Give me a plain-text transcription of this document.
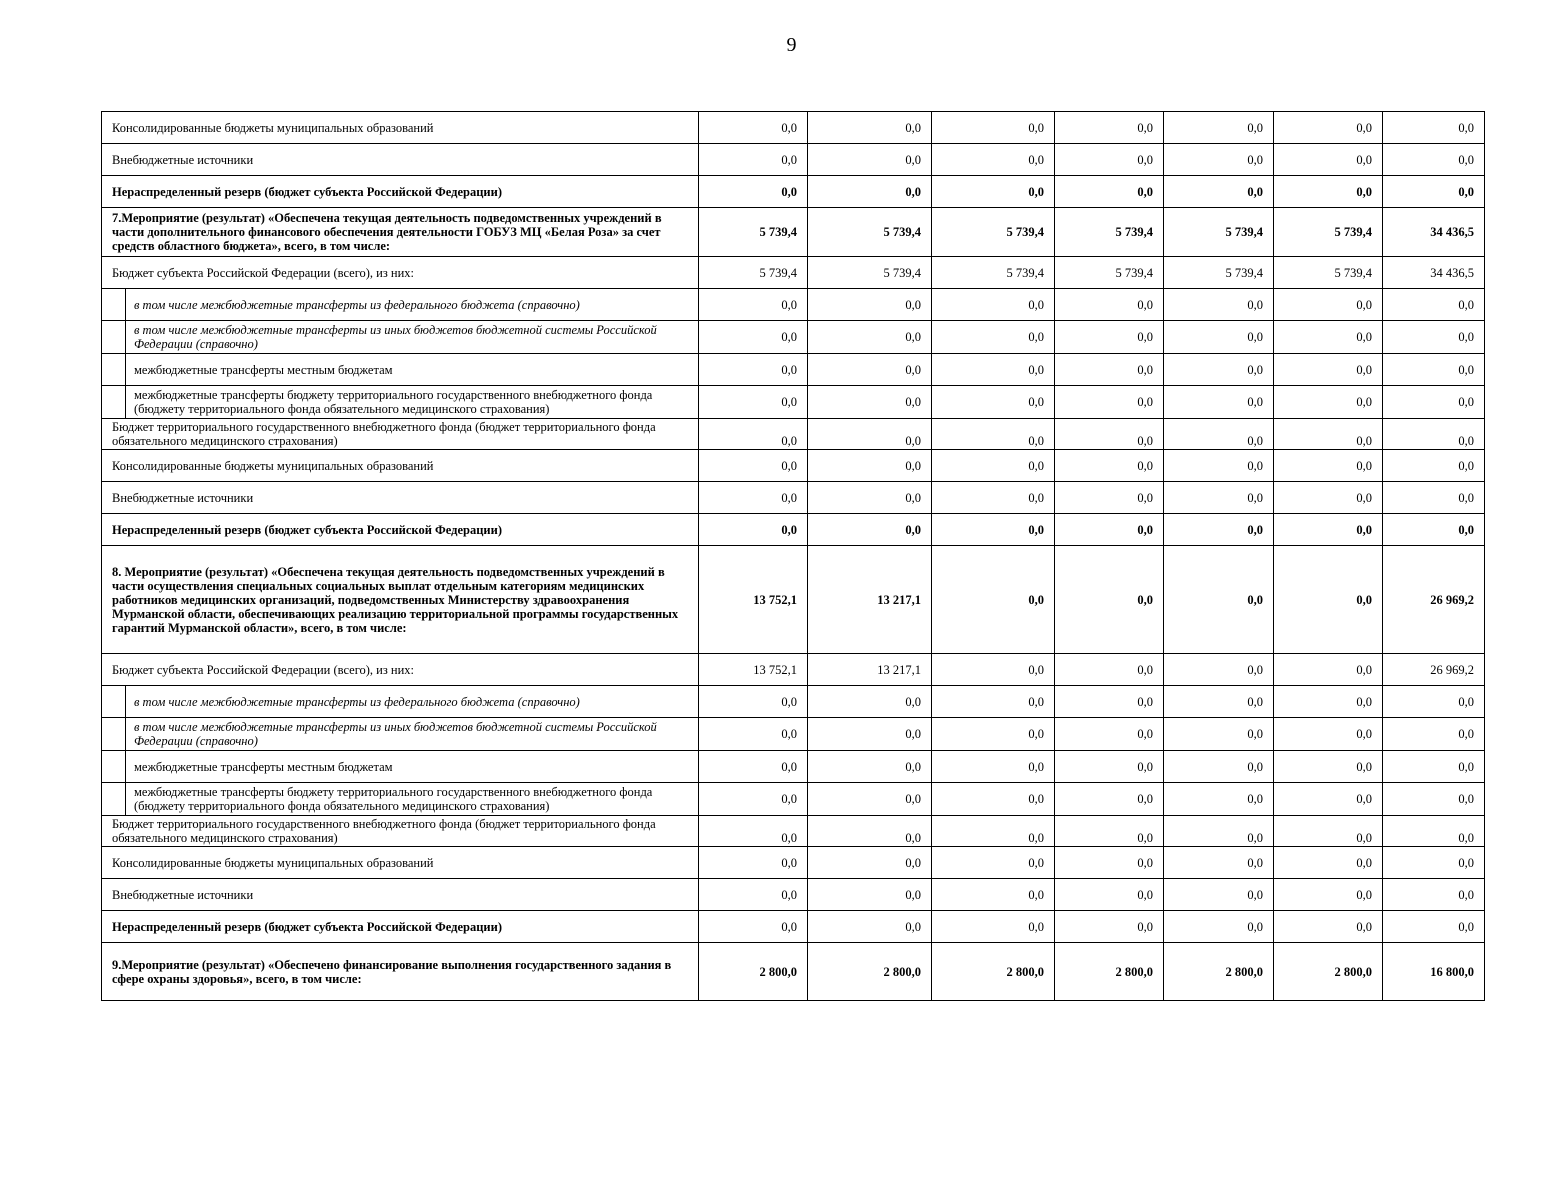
9
Консолидированные бюджеты муниципальных образований		0,0	0,0	0,0	0,0	0,0	0,0	0,0
Внебюджетные источники		0,0	0,0	0,0	0,0	0,0	0,0	0,0
Нераспределенный резерв (бюджет субъекта Российской Федерации)		0,0	0,0	0,0	0,0	0,0	0,0	0,0
7.Мероприятие (результат) «Обеспечена текущая деятельность подведомственных учреждений в части дополнительного финансового обеспечения деятельности ГОБУЗ МЦ «Белая Роза» за счет средств областного бюджета», всего, в том числе:		5 739,4	5 739,4	5 739,4	5 739,4	5 739,4	5 739,4	34 436,5
Бюджет субъекта Российской Федерации (всего), из них:		5 739,4	5 739,4	5 739,4	5 739,4	5 739,4	5 739,4	34 436,5
	в том числе межбюджетные трансферты из федерального бюджета (справочно)	0,0	0,0	0,0	0,0	0,0	0,0	0,0
	в том числе межбюджетные трансферты из иных бюджетов бюджетной системы Российской Федерации (справочно)	0,0	0,0	0,0	0,0	0,0	0,0	0,0
	межбюджетные трансферты местным бюджетам	0,0	0,0	0,0	0,0	0,0	0,0	0,0
	межбюджетные трансферты бюджету территориального государственного внебюджетного фонда (бюджету территориального фонда обязательного медицинского страхования)	0,0	0,0	0,0	0,0	0,0	0,0	0,0
Бюджет территориального государственного внебюджетного фонда (бюджет территориального фонда обязательного медицинского страхования)		0,0	0,0	0,0	0,0	0,0	0,0	0,0
Консолидированные бюджеты муниципальных образований		0,0	0,0	0,0	0,0	0,0	0,0	0,0
Внебюджетные источники		0,0	0,0	0,0	0,0	0,0	0,0	0,0
Нераспределенный резерв (бюджет субъекта Российской Федерации)		0,0	0,0	0,0	0,0	0,0	0,0	0,0
8. Мероприятие (результат) «Обеспечена текущая деятельность подведомственных учреждений в части осуществления специальных социальных выплат отдельным категориям медицинских работников медицинских организаций, подведомственных Министерству здравоохранения Мурманской области, обеспечивающих реализацию территориальной программы государственных гарантий Мурманской области», всего, в том числе:		13 752,1	13 217,1	0,0	0,0	0,0	0,0	26 969,2
Бюджет субъекта Российской Федерации (всего), из них:		13 752,1	13 217,1	0,0	0,0	0,0	0,0	26 969,2
	в том числе межбюджетные трансферты из федерального бюджета (справочно)	0,0	0,0	0,0	0,0	0,0	0,0	0,0
	в том числе межбюджетные трансферты из иных бюджетов бюджетной системы Российской Федерации (справочно)	0,0	0,0	0,0	0,0	0,0	0,0	0,0
	межбюджетные трансферты местным бюджетам	0,0	0,0	0,0	0,0	0,0	0,0	0,0
	межбюджетные трансферты бюджету территориального государственного внебюджетного фонда (бюджету территориального фонда обязательного медицинского страхования)	0,0	0,0	0,0	0,0	0,0	0,0	0,0
Бюджет территориального государственного внебюджетного фонда (бюджет территориального фонда обязательного медицинского страхования)		0,0	0,0	0,0	0,0	0,0	0,0	0,0
Консолидированные бюджеты муниципальных образований		0,0	0,0	0,0	0,0	0,0	0,0	0,0
Внебюджетные источники		0,0	0,0	0,0	0,0	0,0	0,0	0,0
Нераспределенный резерв (бюджет субъекта Российской Федерации)		0,0	0,0	0,0	0,0	0,0	0,0	0,0
9.Мероприятие (результат) «Обеспечено финансирование выполнения государственного задания в сфере охраны здоровья», всего, в том числе:		2 800,0	2 800,0	2 800,0	2 800,0	2 800,0	2 800,0	16 800,0
